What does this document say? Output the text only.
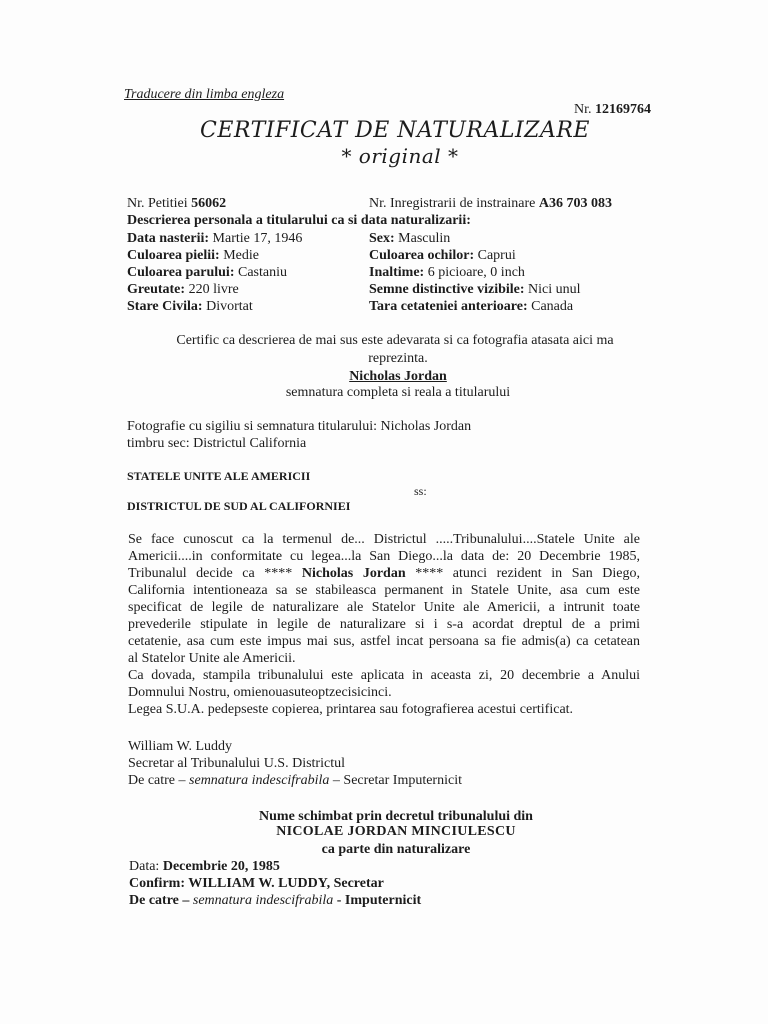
Traducere din limba engleza
Nr. 12169764
CERTIFICAT DE NATURALIZARE
* original *
Nr. Petitiei 56062	Nr. Inregistrarii de instrainare A36 703 083
Descrierea personala a titularului ca si data naturalizarii:
Data nasterii: Martie 17, 1946
Culoarea pielii: Medie
Culoarea parului: Castaniu
Greutate: 220 livre
Stare Civila: Divortat
Sex: Masculin
Culoarea ochilor: Caprui
Inaltime: 6 picioare, 0 inch
Semne distinctive vizibile: Nici unul
Tara cetateniei anterioare: Canada
Certific ca descrierea de mai sus este adevarata si ca fotografia atasata aici ma
reprezinta.
Nicholas Jordan
semnatura completa si reala a titularului
Fotografie cu sigiliu si semnatura titularului: Nicholas Jordan
timbru sec: Districtul California
STATELE UNITE ALE AMERICII
ss:
DISTRICTUL DE SUD AL CALIFORNIEI
Se face cunoscut ca la termenul de... Districtul .....Tribunalului....Statele Unite ale
Americii....in conformitate cu legea...la San Diego...la data de: 20 Decembrie 1985,
Tribunalul decide ca **** Nicholas Jordan **** atunci rezident in San Diego,
California intentioneaza sa se stabileasca permanent in Statele Unite, asa cum este
specificat de legile de naturalizare ale Statelor Unite ale Americii, a intrunit toate
prevederile stipulate in legile de naturalizare si i s-a acordat dreptul de a primi
cetatenie, asa cum este impus mai sus, astfel incat persoana sa fie admis(a) ca cetatean
al Statelor Unite ale Americii.
Ca dovada, stampila tribunalului este aplicata in aceasta zi, 20 decembrie a Anului
Domnului Nostru, omienouasuteoptzecisicinci.
Legea S.U.A. pedepseste copierea, printarea sau fotografierea acestui certificat.
William W. Luddy
Secretar al Tribunalului U.S. Districtul
De catre – semnatura indescifrabila – Secretar Imputernicit
Nume schimbat prin decretul tribunalului din
NICOLAE JORDAN MINCIULESCU
ca parte din naturalizare
Data: Decembrie 20, 1985
Confirm: WILLIAM W. LUDDY, Secretar
De catre – semnatura indescifrabila - Imputernicit
